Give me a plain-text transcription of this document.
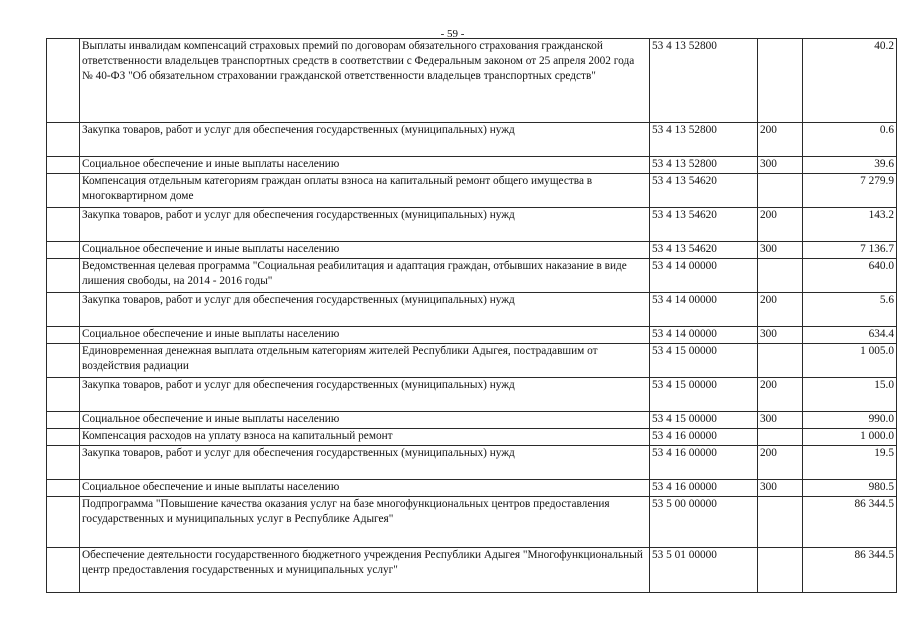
- 59 -
	Выплаты инвалидам компенсаций страховых премий по договорам обязательного страхования гражданской ответственности владельцев транспортных средств в соответствии с Федеральным законом от 25 апреля 2002 года № 40-ФЗ "Об обязательном страховании гражданской ответственности владельцев транспортных средств"	53 4 13 52800		40.2
	Закупка товаров, работ и услуг для обеспечения государственных (муниципальных) нужд	53 4 13 52800	200	0.6
	Социальное обеспечение и иные выплаты населению	53 4 13 52800	300	39.6
	Компенсация отдельным категориям граждан оплаты взноса на капитальный ремонт общего имущества в многоквартирном доме	53 4 13 54620		7 279.9
	Закупка товаров, работ и услуг для обеспечения государственных (муниципальных) нужд	53 4 13 54620	200	143.2
	Социальное обеспечение и иные выплаты населению	53 4 13 54620	300	7 136.7
	Ведомственная целевая программа "Социальная реабилитация и адаптация граждан, отбывших наказание в виде лишения свободы, на 2014 - 2016 годы"	53 4 14 00000		640.0
	Закупка товаров, работ и услуг для обеспечения государственных (муниципальных) нужд	53 4 14 00000	200	5.6
	Социальное обеспечение и иные выплаты населению	53 4 14 00000	300	634.4
	Единовременная денежная выплата отдельным категориям жителей Республики Адыгея, пострадавшим от воздействия радиации	53 4 15 00000		1 005.0
	Закупка товаров, работ и услуг для обеспечения государственных (муниципальных) нужд	53 4 15 00000	200	15.0
	Социальное обеспечение и иные выплаты населению	53 4 15 00000	300	990.0
	Компенсация расходов на уплату взноса на капитальный ремонт	53 4 16 00000		1 000.0
	Закупка товаров, работ и услуг для обеспечения государственных (муниципальных) нужд	53 4 16 00000	200	19.5
	Социальное обеспечение и иные выплаты населению	53 4 16 00000	300	980.5
	Подпрограмма "Повышение качества оказания услуг на базе многофункциональных центров предоставления государственных и муниципальных услуг в Республике Адыгея"	53 5 00 00000		86 344.5
	Обеспечение деятельности государственного бюджетного учреждения Республики Адыгея "Многофункциональный центр предоставления государственных и муниципальных услуг"	53 5 01 00000		86 344.5
